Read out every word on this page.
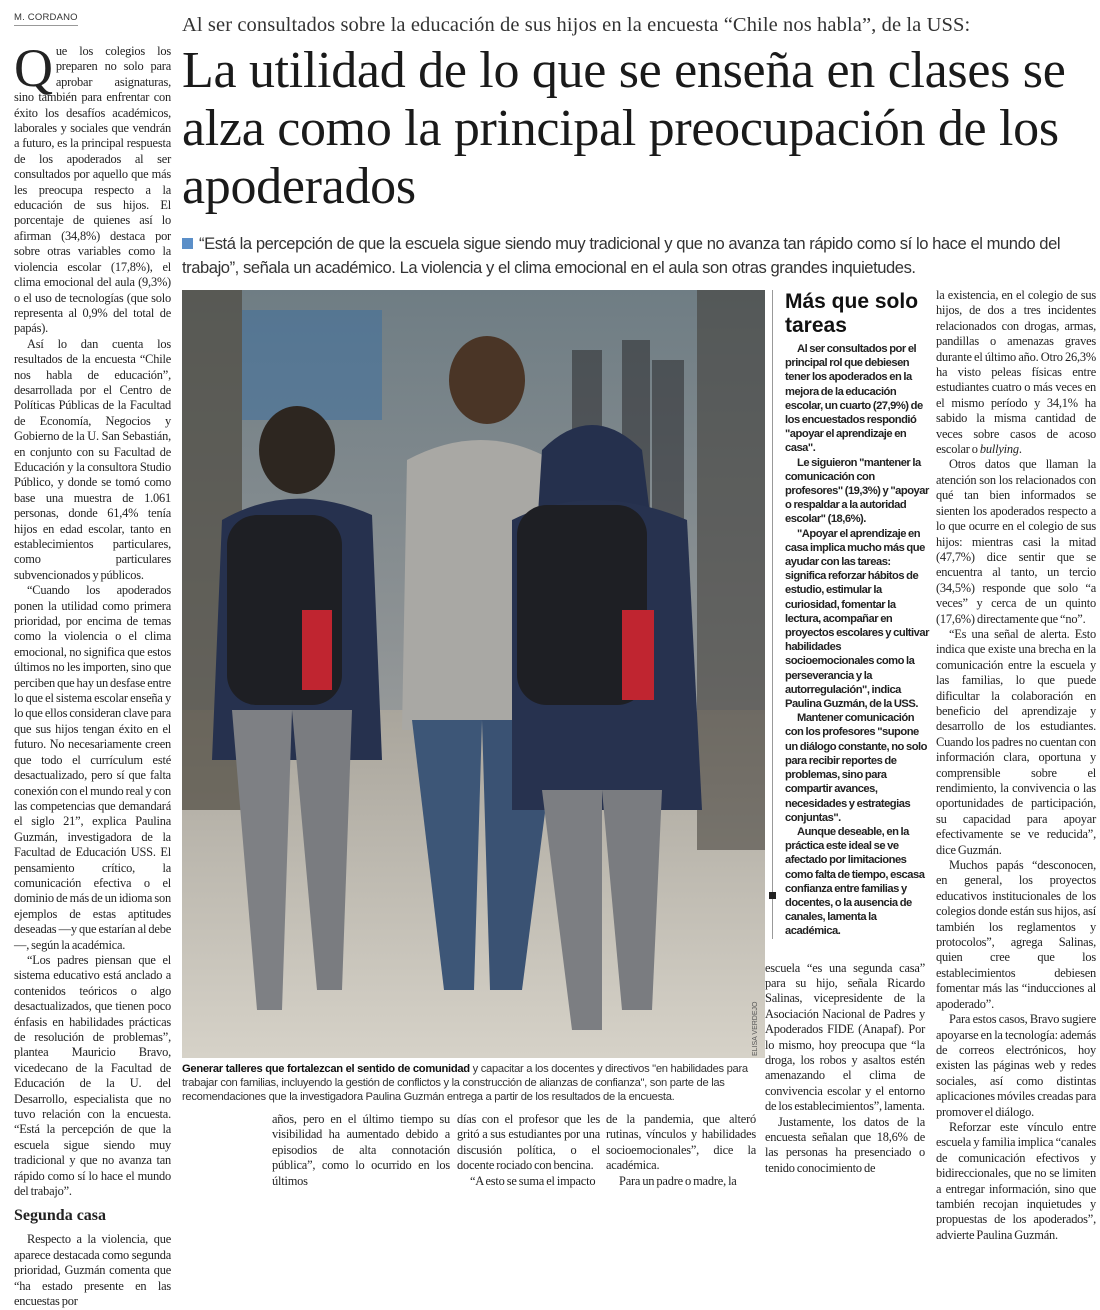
M. CORDANO

Que los colegios los preparen no solo para aprobar asignaturas, sino también para enfrentar con éxito los desafíos académicos, laborales y sociales que vendrán a futuro, es la principal respuesta de los apoderados al ser consultados por aquello que más les preocupa respecto a la educación de sus hijos. El porcentaje de quienes así lo afirman (34,8%) destaca por sobre otras variables como la violencia escolar (17,8%), el clima emocional del aula (9,3%) o el uso de tecnologías (que solo representa al 0,9% del total de papás).

Así lo dan cuenta los resultados de la encuesta “Chile nos habla de educación”, desarrollada por el Centro de Políticas Públicas de la Facultad de Economía, Negocios y Gobierno de la U. San Sebastián, en conjunto con su Facultad de Educación y la consultora Studio Público, y donde se tomó como base una muestra de 1.061 personas, donde 61,4% tenía hijos en edad escolar, tanto en establecimientos particulares, como particulares subvencionados y públicos.

“Cuando los apoderados ponen la utilidad como primera prioridad, por encima de temas como la violencia o el clima emocional, no significa que estos últimos no les importen, sino que perciben que hay un desfase entre lo que el sistema escolar enseña y lo que ellos consideran clave para que sus hijos tengan éxito en el futuro. No necesariamente creen que todo el currículum esté desactualizado, pero sí que falta conexión con el mundo real y con las competencias que demandará el siglo 21”, explica Paulina Guzmán, investigadora de la Facultad de Educación USS. El pensamiento crítico, la comunicación efectiva o el dominio de más de un idioma son ejemplos de estas aptitudes deseadas —y que estarían al debe—, según la académica.

“Los padres piensan que el sistema educativo está anclado a contenidos teóricos o algo desactualizados, que tienen poco énfasis en habilidades prácticas de resolución de problemas”, plantea Mauricio Bravo, vicedecano de la Facultad de Educación de la U. del Desarrollo, especialista que no tuvo relación con la encuesta. “Está la percepción de que la escuela sigue siendo muy tradicional y que no avanza tan rápido como sí lo hace el mundo del trabajo”.

Segunda casa

Respecto a la violencia, que aparece destacada como segunda prioridad, Guzmán comenta que “ha estado presente en las encuestas por

Al ser consultados sobre la educación de sus hijos en la encuesta “Chile nos habla”, de la USS:
La utilidad de lo que se enseña en clases se alza como la principal preocupación de los apoderados
“Está la percepción de que la escuela sigue siendo muy tradicional y que no avanza tan rápido como sí lo hace el mundo del trabajo”, señala un académico. La violencia y el clima emocional en el aula son otras grandes inquietudes.
ELISA VERDEJO
Generar talleres que fortalezcan el sentido de comunidad y capacitar a los docentes y directivos "en habilidades para trabajar con familias, incluyendo la gestión de conflictos y la construcción de alianzas de confianza", son parte de las recomendaciones que la investigadora Paulina Guzmán entrega a partir de los resultados de la encuesta.
Más que solo tareas

Al ser consultados por el principal rol que debiesen tener los apoderados en la mejora de la educación escolar, un cuarto (27,9%) de los encuestados respondió "apoyar el aprendizaje en casa".

Le siguieron "mantener la comunicación con profesores" (19,3%) y "apoyar o respaldar a la autoridad escolar" (18,6%).

"Apoyar el aprendizaje en casa implica mucho más que ayudar con las tareas: significa reforzar hábitos de estudio, estimular la curiosidad, fomentar la lectura, acompañar en proyectos escolares y cultivar habilidades socioemocionales como la perseverancia y la autorregulación", indica Paulina Guzmán, de la USS.

Mantener comunicación con los profesores "supone un diálogo constante, no solo para recibir reportes de problemas, sino para compartir avances, necesidades y estrategias conjuntas".

Aunque deseable, en la práctica este ideal se ve afectado por limitaciones como falta de tiempo, escasa confianza entre familias y docentes, o la ausencia de canales, lamenta la académica.

escuela “es una segunda casa” para su hijo, señala Ricardo Salinas, vicepresidente de la Asociación Nacional de Padres y Apoderados FIDE (Anapaf). Por lo mismo, hoy preocupa que “la droga, los robos y asaltos estén amenazando el clima de convivencia escolar y el entorno de los establecimientos”, lamenta.

Justamente, los datos de la encuesta señalan que 18,6% de las personas ha presenciado o tenido conocimiento de

años, pero en el último tiempo su visibilidad ha aumentado debido a episodios de alta connotación pública”, como lo ocurrido en los últimos

días con el profesor que les gritó a sus estudiantes por una discusión política, o el docente rociado con bencina.

“A esto se suma el impacto

de la pandemia, que alteró rutinas, vínculos y habilidades socioemocionales”, dice la académica.

Para un padre o madre, la

la existencia, en el colegio de sus hijos, de dos a tres incidentes relacionados con drogas, armas, pandillas o amenazas graves durante el último año. Otro 26,3% ha visto peleas físicas entre estudiantes cuatro o más veces en el mismo período y 34,1% ha sabido la misma cantidad de veces sobre casos de acoso escolar o bullying.

Otros datos que llaman la atención son los relacionados con qué tan bien informados se sienten los apoderados respecto a lo que ocurre en el colegio de sus hijos: mientras casi la mitad (47,7%) dice sentir que se encuentra al tanto, un tercio (34,5%) responde que solo “a veces” y cerca de un quinto (17,6%) directamente que “no”.

“Es una señal de alerta. Esto indica que existe una brecha en la comunicación entre la escuela y las familias, lo que puede dificultar la colaboración en beneficio del aprendizaje y desarrollo de los estudiantes. Cuando los padres no cuentan con información clara, oportuna y comprensible sobre el rendimiento, la convivencia o las oportunidades de participación, su capacidad para apoyar efectivamente se ve reducida”, dice Guzmán.

Muchos papás “desconocen, en general, los proyectos educativos institucionales de los colegios donde están sus hijos, así también los reglamentos y protocolos”, agrega Salinas, quien cree que los establecimientos debiesen fomentar más las “inducciones al apoderado”.

Para estos casos, Bravo sugiere apoyarse en la tecnología: además de correos electrónicos, hoy existen las páginas web y redes sociales, así como distintas aplicaciones móviles creadas para promover el diálogo.

Reforzar este vínculo entre escuela y familia implica “canales de comunicación efectivos y bidireccionales, que no se limiten a entregar información, sino que también recojan inquietudes y propuestas de los apoderados”, advierte Paulina Guzmán.
